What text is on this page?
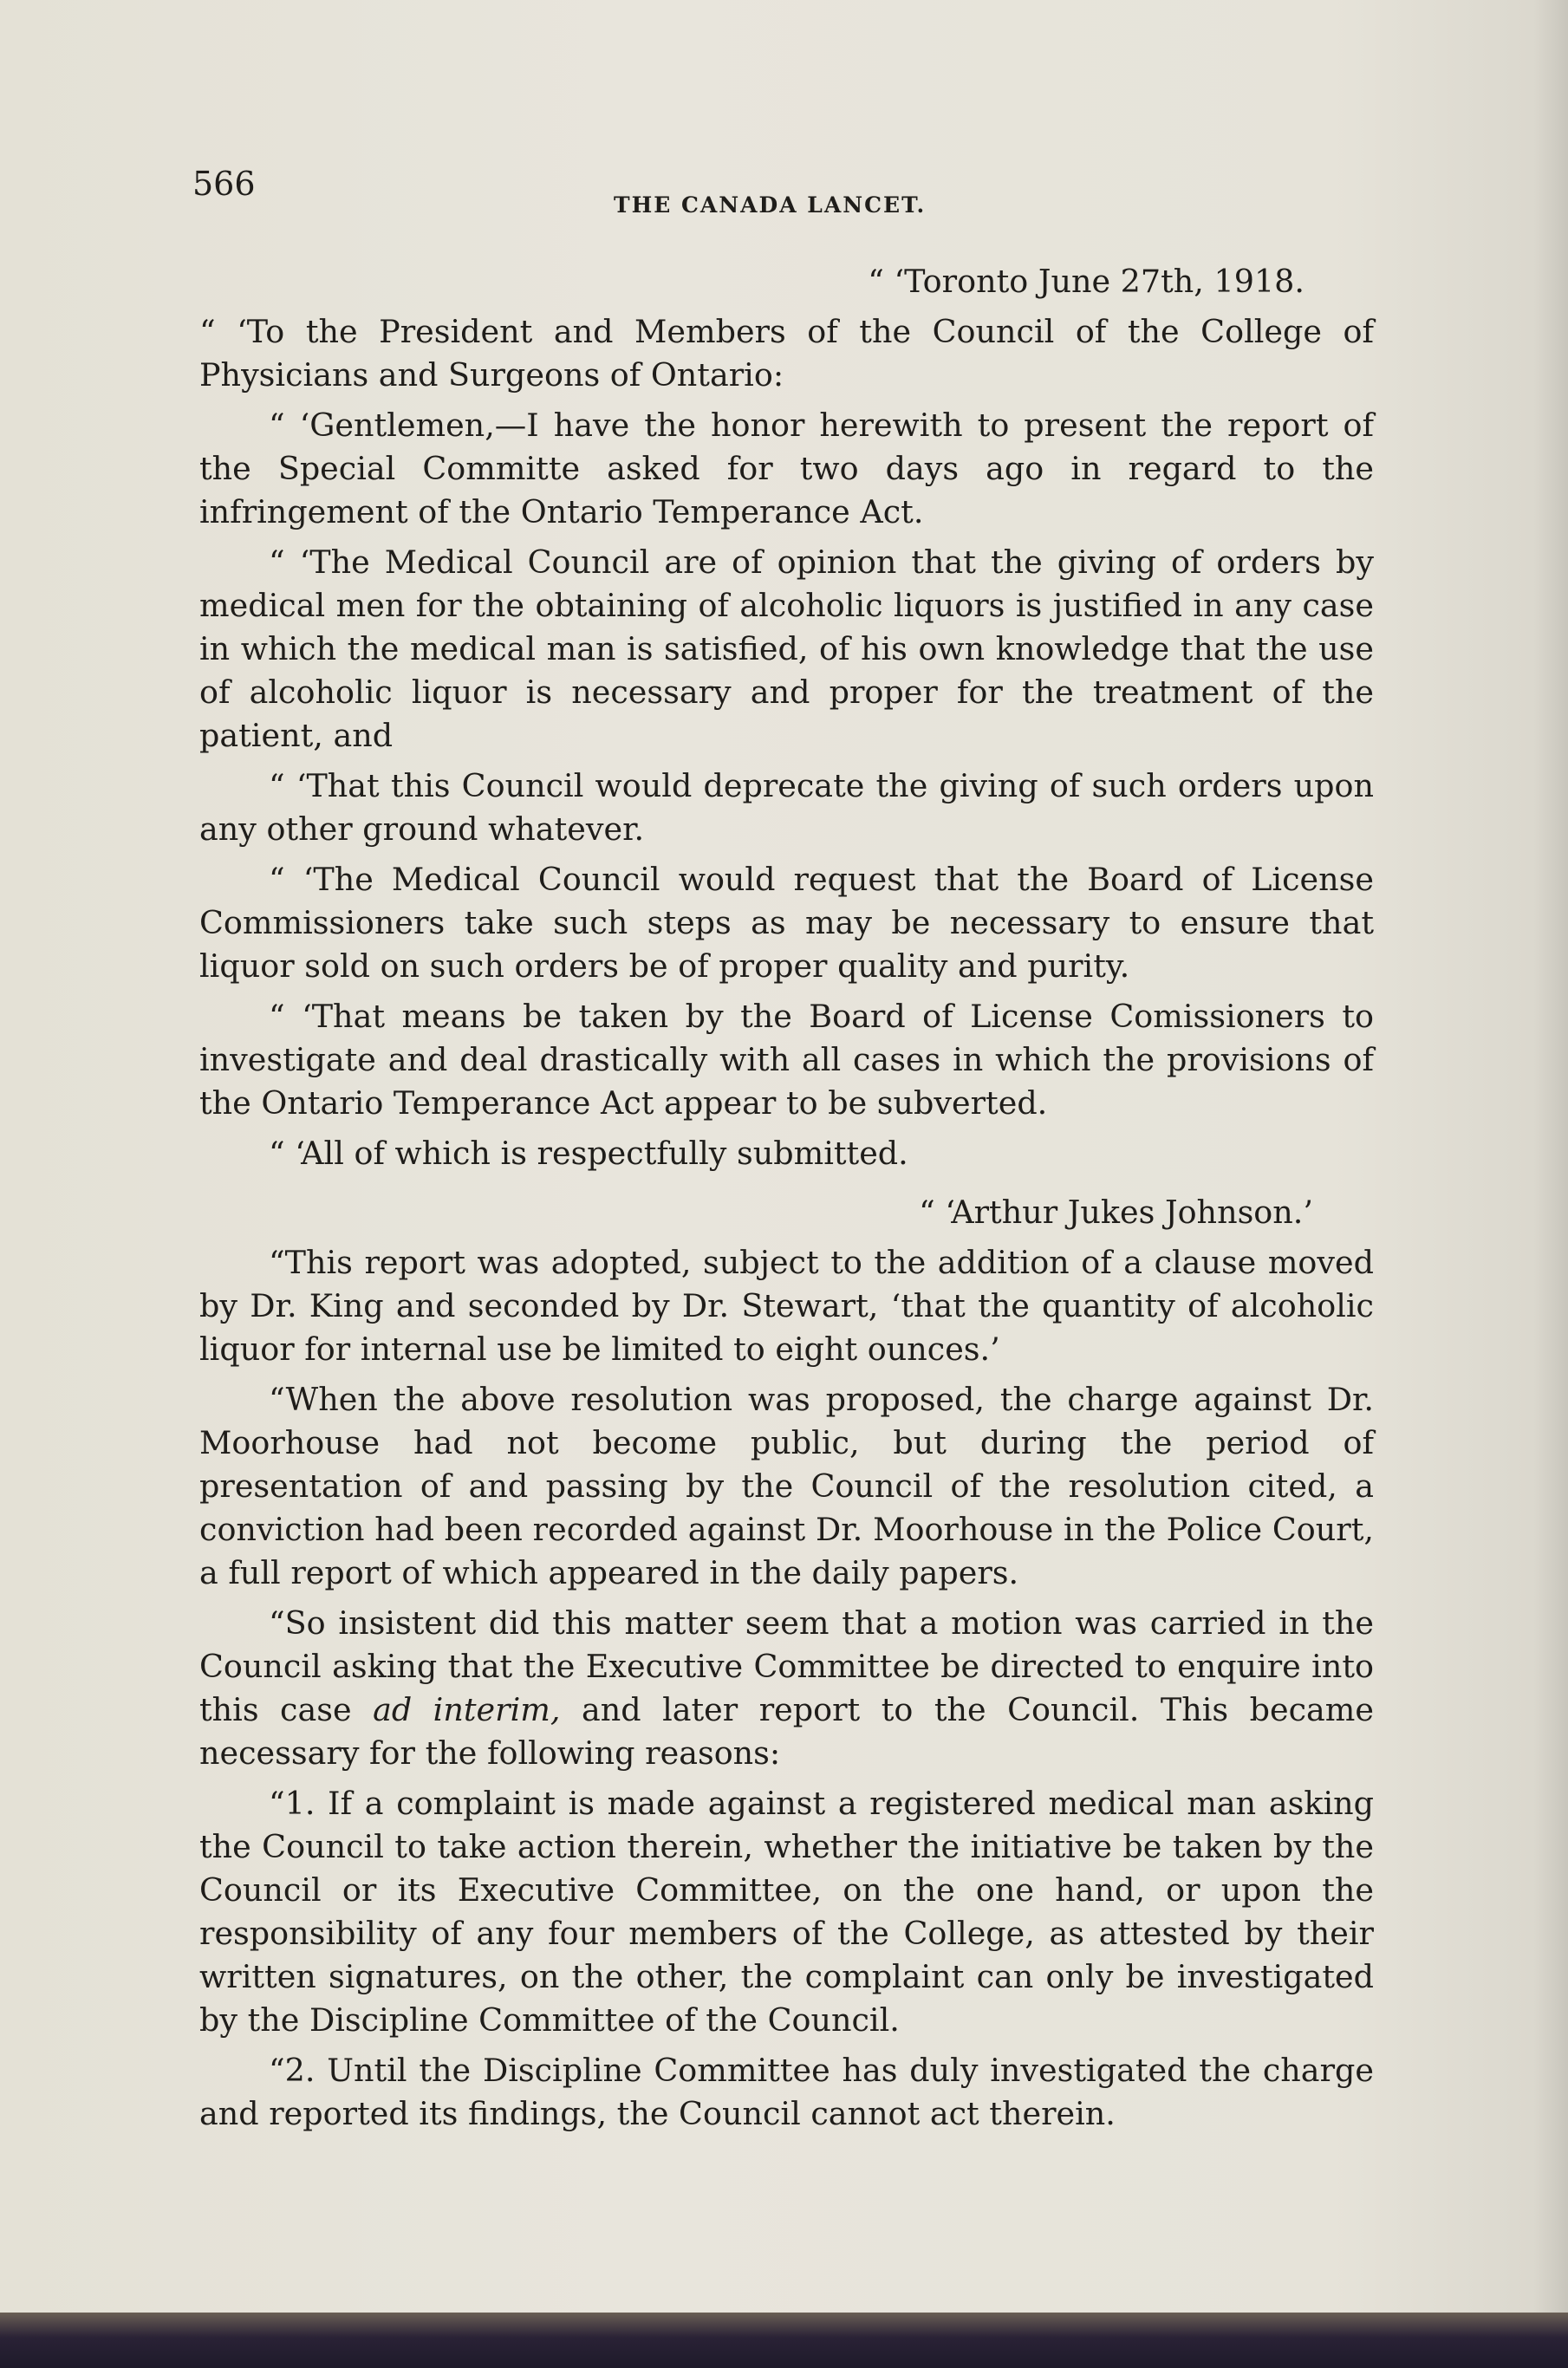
566
THE CANADA LANCET.

“ ‘Toronto June 27th, 1918.

“ ‘To the President and Members of the Council of the College of Physicians and Surgeons of Ontario:

“ ‘Gentlemen,—I have the honor herewith to present the report of the Special Committe asked for two days ago in regard to the infringement of the Ontario Temperance Act.

“ ‘The Medical Council are of opinion that the giving of orders by medical men for the obtaining of alcoholic liquors is justified in any case in which the medical man is satisfied, of his own knowledge that the use of alcoholic liquor is necessary and proper for the treatment of the patient, and

“ ‘That this Council would deprecate the giving of such orders upon any other ground whatever.

“ ‘The Medical Council would request that the Board of License Commissioners take such steps as may be necessary to ensure that liquor sold on such orders be of proper quality and purity.

“ ‘That means be taken by the Board of License Comissioners to investigate and deal drastically with all cases in which the provisions of the Ontario Temperance Act appear to be subverted.

“ ‘All of which is respectfully submitted.

“ ‘Arthur Jukes Johnson.’

“This report was adopted, subject to the addition of a clause moved by Dr. King and seconded by Dr. Stewart, ‘that the quantity of alcoholic liquor for internal use be limited to eight ounces.’

“When the above resolution was proposed, the charge against Dr. Moorhouse had not become public, but during the period of presentation of and passing by the Council of the resolution cited, a conviction had been recorded against Dr. Moorhouse in the Police Court, a full report of which appeared in the daily papers.

“So insistent did this matter seem that a motion was carried in the Council asking that the Executive Committee be directed to enquire into this case ad interim, and later report to the Council. This became necessary for the following reasons:

“1. If a complaint is made against a registered medical man asking the Council to take action therein, whether the initiative be taken by the Council or its Executive Committee, on the one hand, or upon the responsibility of any four members of the College, as attested by their written signatures, on the other, the complaint can only be investigated by the Discipline Committee of the Council.

“2. Until the Discipline Committee has duly investigated the charge and reported its findings, the Council cannot act therein.
